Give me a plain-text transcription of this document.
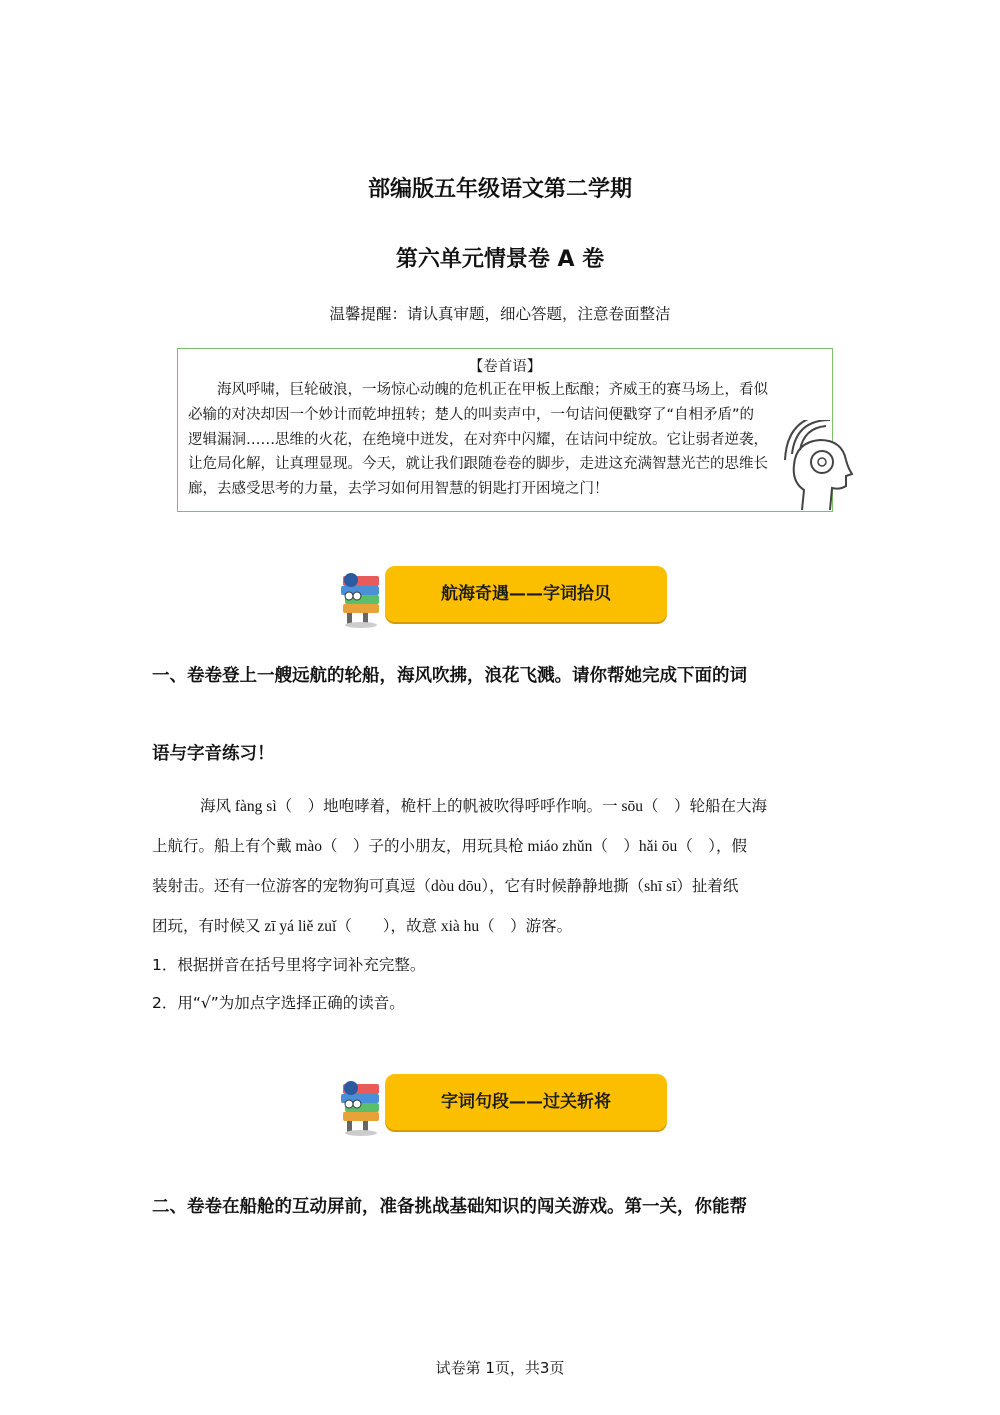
部编版五年级语文第二学期
第六单元情景卷 A 卷
温馨提醒：请认真审题，细心答题，注意卷面整洁
【卷首语】
海风呼啸，巨轮破浪，一场惊心动魄的危机正在甲板上酝酿；齐威王的赛马场上，看似
必输的对决却因一个妙计而乾坤扭转；楚人的叫卖声中，一句诘问便戳穿了“自相矛盾”的
逻辑漏洞……思维的火花，在绝境中迸发，在对弈中闪耀，在诘问中绽放。它让弱者逆袭，
让危局化解，让真理显现。今天，就让我们跟随卷卷的脚步，走进这充满智慧光芒的思维长
廊，去感受思考的力量，去学习如何用智慧的钥匙打开困境之门！
航海奇遇——字词拾贝
一、卷卷登上一艘远航的轮船，海风吹拂，浪花飞溅。请你帮她完成下面的词
语与字音练习！
海风 fàng sì（　）地咆哮着，桅杆上的帆被吹得呼呼作响。一 sōu（　）轮船在大海
上航行。船上有个戴 mào（　）子的小朋友，用玩具枪 miáo zhǔn（　）hǎi ōu（　），假
装射击。还有一位游客的宠物狗可真逗（dòu dōu），它有时候静静地撕（shī sī）扯着纸
团玩，有时候又 zī yá liě zuǐ（　　），故意 xià hu（　）游客。
1．根据拼音在括号里将字词补充完整。
2．用“√”为加点字选择正确的读音。
字词句段——过关斩将
二、卷卷在船舱的互动屏前，准备挑战基础知识的闯关游戏。第一关，你能帮
试卷第 1页，共3页
